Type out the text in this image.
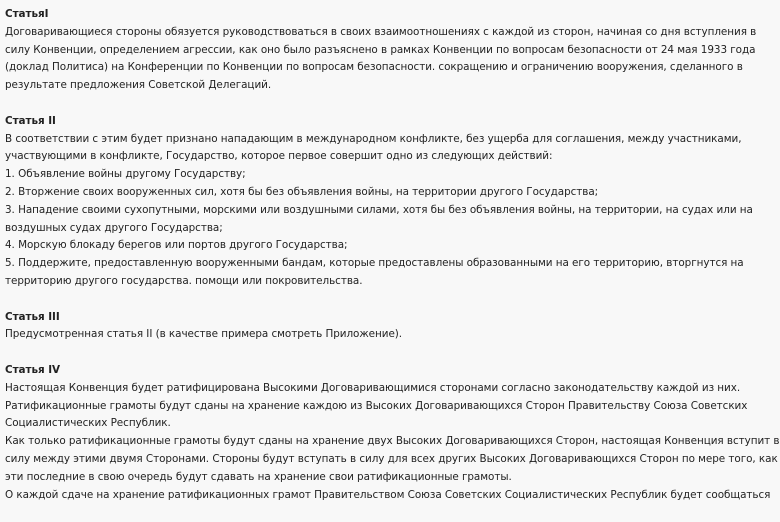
СтатьяI
Договаривающиеся стороны обязуется руководствоваться в своих взаимоотношениях с каждой из сторон, начиная со дня вступления в
силу Конвенции, определением агрессии, как оно было разъяснено в рамках Конвенции по вопросам безопасности от 24 мая 1933 года
(доклад Политиса) на Конференции по Конвенции по вопросам безопасности. сокращению и ограничению вооружения, сделанного в
результате предложения Советской Делегаций.
Статья II
В соответствии с этим будет признано нападающим в международном конфликте, без ущерба для соглашения, между участниками,
участвующими в конфликте, Государство, которое первое совершит одно из следующих действий:
1. Объявление войны другому Государству;
2. Вторжение своих вооруженных сил, хотя бы без объявления войны, на территории другого Государства;
3. Нападение своими сухопутными, морскими или воздушными силами, хотя бы без объявления войны, на территории, на судах или на
воздушных судах другого Государства;
4. Морскую блокаду берегов или портов другого Государства;
5. Поддержите, предоставленную вооруженными бандам, которые предоставлены образованными на его территорию, вторгнутся на
территорию другого государства. помощи или покровительства.
Статья III
Предусмотренная статья II (в качестве примера смотреть Приложение).
Статья IV
Настоящая Конвенция будет ратифицирована Высокими Договаривающимися сторонами согласно законодательству каждой из них.
Ратификационные грамоты будут сданы на хранение каждою из Высоких Договаривающихся Сторон Правительству Союза Советских
Социалистических Республик.
Как только ратификационные грамоты будут сданы на хранение двух Высоких Договаривающихся Сторон, настоящая Конвенция вступит в
силу между этими двумя Сторонами. Стороны будут вступать в силу для всех других Высоких Договаривающихся Сторон по мере того, как
эти последние в свою очередь будут сдавать на хранение свои ратификационные грамоты.
О каждой сдаче на хранение ратификационных грамот Правительством Союза Советских Социалистических Республик будет сообщаться
